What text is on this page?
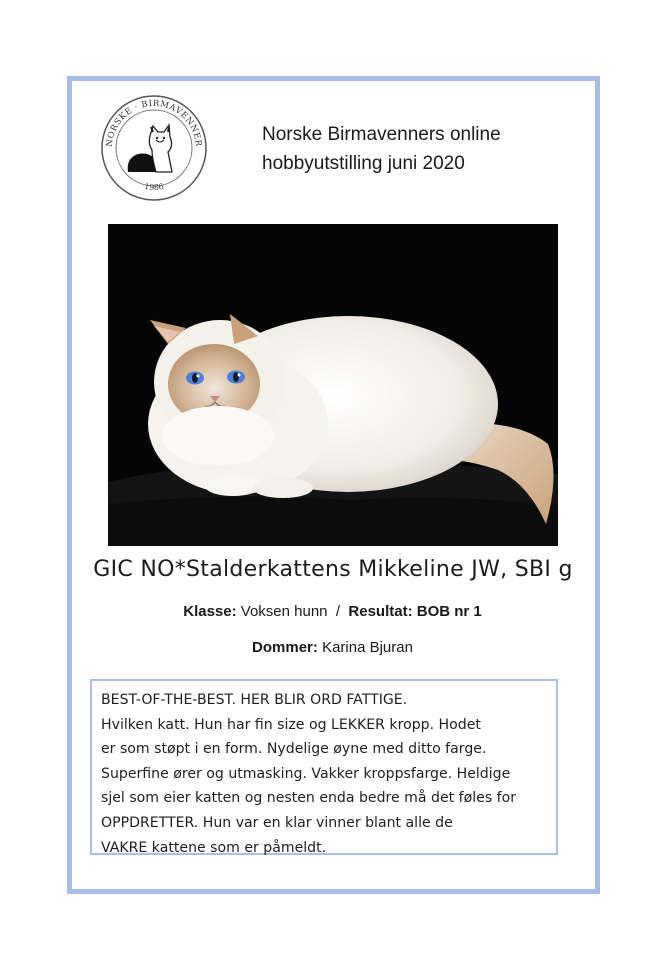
NORSKE · BIRMAVENNER
1986
Norske Birmavenners online
hobbyutstilling juni 2020
GIC NO*Stalderkattens Mikkeline JW, SBI g
Klasse: Voksen hunn / Resultat: BOB nr 1
Dommer: Karina Bjuran
BEST-OF-THE-BEST. HER BLIR ORD FATTIGE.
Hvilken katt. Hun har fin size og LEKKER kropp. Hodet
er som støpt i en form. Nydelige øyne med ditto farge.
Superfine ører og utmasking. Vakker kroppsfarge. Heldige
sjel som eier katten og nesten enda bedre må det føles for
OPPDRETTER. Hun var en klar vinner blant alle de
VAKRE kattene som er påmeldt.
